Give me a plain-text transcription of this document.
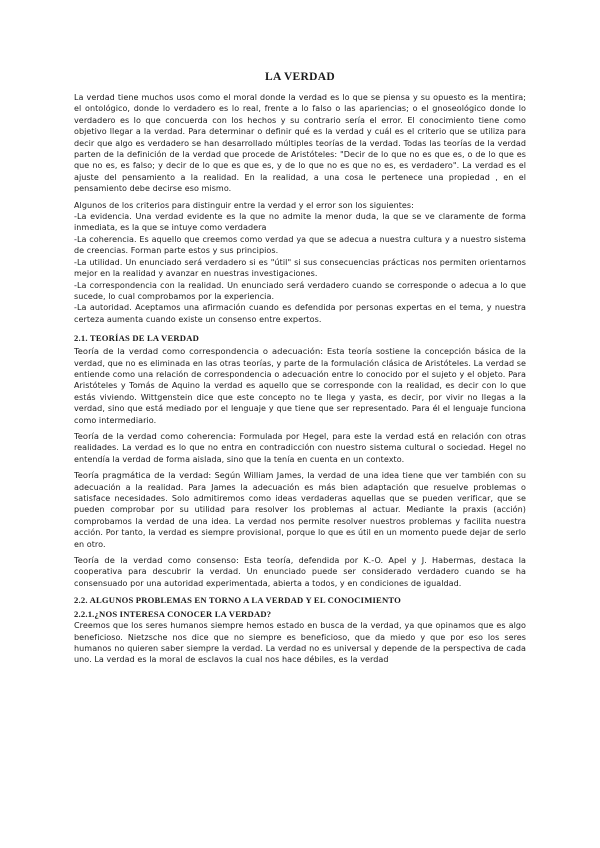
LA VERDAD

La verdad tiene muchos usos como el moral donde la verdad es lo que se piensa y su opuesto es la mentira; el ontológico, donde lo verdadero es lo real, frente a lo falso o las apariencias; o el gnoseológico donde lo verdadero es lo que concuerda con los hechos y su contrario sería el error. El conocimiento tiene como objetivo llegar a la verdad. Para determinar o definir qué es la verdad y cuál es el criterio que se utiliza para decir que algo es verdadero se han desarrollado múltiples teorías de la verdad. Todas las teorías de la verdad parten de la definición de la verdad que procede de Aristóteles: "Decir de lo que no es que es, o de lo que es que no es, es falso; y decir de lo que es que es, y de lo que no es que no es, es verdadero". La verdad es el ajuste del pensamiento a la realidad. En la realidad, a una cosa le pertenece una propiedad , en el pensamiento debe decirse eso mismo.

Algunos de los criterios para distinguir entre la verdad y el error son los siguientes:

-La evidencia. Una verdad evidente es la que no admite la menor duda, la que se ve claramente de forma inmediata, es la que se intuye como verdadera

-La coherencia. Es aquello que creemos como verdad ya que se adecua a nuestra cultura y a nuestro sistema de creencias. Forman parte estos y sus principios.

-La utilidad. Un enunciado será verdadero si es "útil" si sus consecuencias prácticas nos permiten orientarnos mejor en la realidad y avanzar en nuestras investigaciones.

-La correspondencia con la realidad. Un enunciado será verdadero cuando se corresponde o adecua a lo que sucede, lo cual comprobamos por la experiencia.

-La autoridad. Aceptamos una afirmación cuando es defendida por personas expertas en el tema, y nuestra certeza aumenta cuando existe un consenso entre expertos.

2.1. TEORÍAS DE LA VERDAD

Teoría de la verdad como correspondencia o adecuación: Esta teoría sostiene la concepción básica de la verdad, que no es eliminada en las otras teorías, y parte de la formulación clásica de Aristóteles. La verdad se entiende como una relación de correspondencia o adecuación entre lo conocido por el sujeto y el objeto. Para Aristóteles y Tomás de Aquino la verdad es aquello que se corresponde con la realidad, es decir con lo que estás viviendo. Wittgenstein dice que este concepto no te llega y yasta, es decir, por vivir no llegas a la verdad, sino que está mediado por el lenguaje y que tiene que ser representado. Para él el lenguaje funciona como intermediario.

Teoría de la verdad como coherencia: Formulada por Hegel, para este la verdad está en relación con otras realidades. La verdad es lo que no entra en contradicción con nuestro sistema cultural o sociedad. Hegel no entendía la verdad de forma aislada, sino que la tenía en cuenta en un contexto.

Teoría pragmática de la verdad: Según William James, la verdad de una idea tiene que ver también con su adecuación a la realidad. Para James la adecuación es más bien adaptación que resuelve problemas o satisface necesidades. Solo admitiremos como ideas verdaderas aquellas que se pueden verificar, que se pueden comprobar por su utilidad para resolver los problemas al actuar. Mediante la praxis (acción) comprobamos la verdad de una idea. La verdad nos permite resolver nuestros problemas y facilita nuestra acción. Por tanto, la verdad es siempre provisional, porque lo que es útil en un momento puede dejar de serlo en otro.

Teoría de la verdad como consenso: Esta teoría, defendida por K.-O. Apel y J. Habermas, destaca la cooperativa para descubrir la verdad. Un enunciado puede ser considerado verdadero cuando se ha consensuado por una autoridad experimentada, abierta a todos, y en condiciones de igualdad.

2.2. ALGUNOS PROBLEMAS EN TORNO A LA VERDAD Y EL CONOCIMIENTO
2.2.1.¿NOS INTERESA CONOCER LA VERDAD?

Creemos que los seres humanos siempre hemos estado en busca de la verdad, ya que opinamos que es algo beneficioso. Nietzsche nos dice que no siempre es beneficioso, que da miedo y que por eso los seres humanos no quieren saber siempre la verdad. La verdad no es universal y depende de la perspectiva de cada uno. La verdad es la moral de esclavos la cual nos hace débiles, es la verdad
